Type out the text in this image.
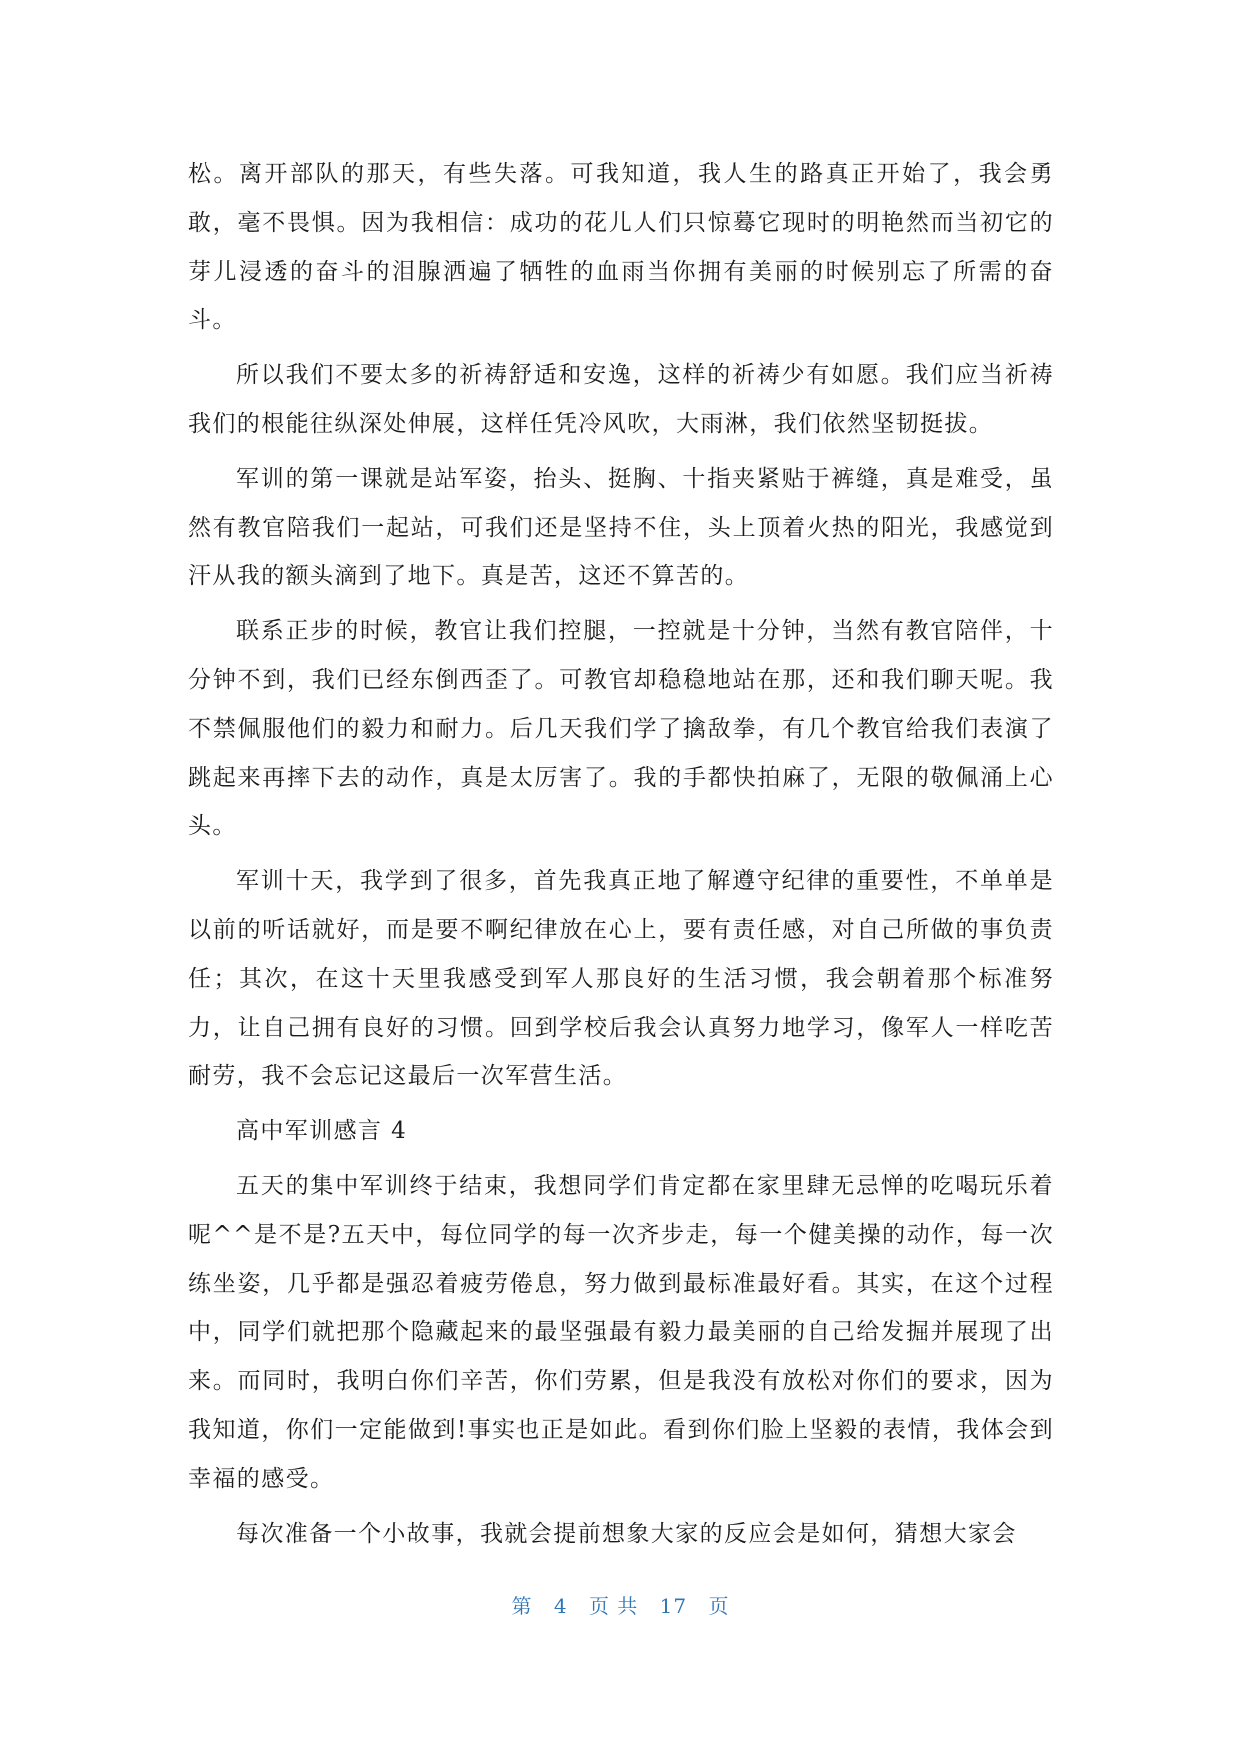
松。离开部队的那天，有些失落。可我知道，我人生的路真正开始了，我会勇敢，毫不畏惧。因为我相信：成功的花儿人们只惊蓦它现时的明艳然而当初它的芽儿浸透的奋斗的泪腺洒遍了牺牲的血雨当你拥有美丽的时候别忘了所需的奋斗。

所以我们不要太多的祈祷舒适和安逸，这样的祈祷少有如愿。我们应当祈祷我们的根能往纵深处伸展，这样任凭冷风吹，大雨淋，我们依然坚韧挺拔。

军训的第一课就是站军姿，抬头、挺胸、十指夹紧贴于裤缝，真是难受，虽然有教官陪我们一起站，可我们还是坚持不住，头上顶着火热的阳光，我感觉到汗从我的额头滴到了地下。真是苦，这还不算苦的。

联系正步的时候，教官让我们控腿，一控就是十分钟，当然有教官陪伴，十分钟不到，我们已经东倒西歪了。可教官却稳稳地站在那，还和我们聊天呢。我不禁佩服他们的毅力和耐力。后几天我们学了擒敌拳，有几个教官给我们表演了跳起来再摔下去的动作，真是太厉害了。我的手都快拍麻了，无限的敬佩涌上心头。

军训十天，我学到了很多，首先我真正地了解遵守纪律的重要性，不单单是以前的听话就好，而是要不啊纪律放在心上，要有责任感，对自己所做的事负责任；其次，在这十天里我感受到军人那良好的生活习惯，我会朝着那个标准努力，让自己拥有良好的习惯。回到学校后我会认真努力地学习，像军人一样吃苦耐劳，我不会忘记这最后一次军营生活。

高中军训感言 4

五天的集中军训终于结束，我想同学们肯定都在家里肆无忌惮的吃喝玩乐着呢^^是不是?五天中，每位同学的每一次齐步走，每一个健美操的动作，每一次练坐姿，几乎都是强忍着疲劳倦息，努力做到最标准最好看。其实，在这个过程中，同学们就把那个隐藏起来的最坚强最有毅力最美丽的自己给发掘并展现了出来。而同时，我明白你们辛苦，你们劳累，但是我没有放松对你们的要求，因为我知道，你们一定能做到!事实也正是如此。看到你们脸上坚毅的表情，我体会到幸福的感受。

每次准备一个小故事，我就会提前想象大家的反应会是如何，猜想大家会

第 4 页 共 17 页
